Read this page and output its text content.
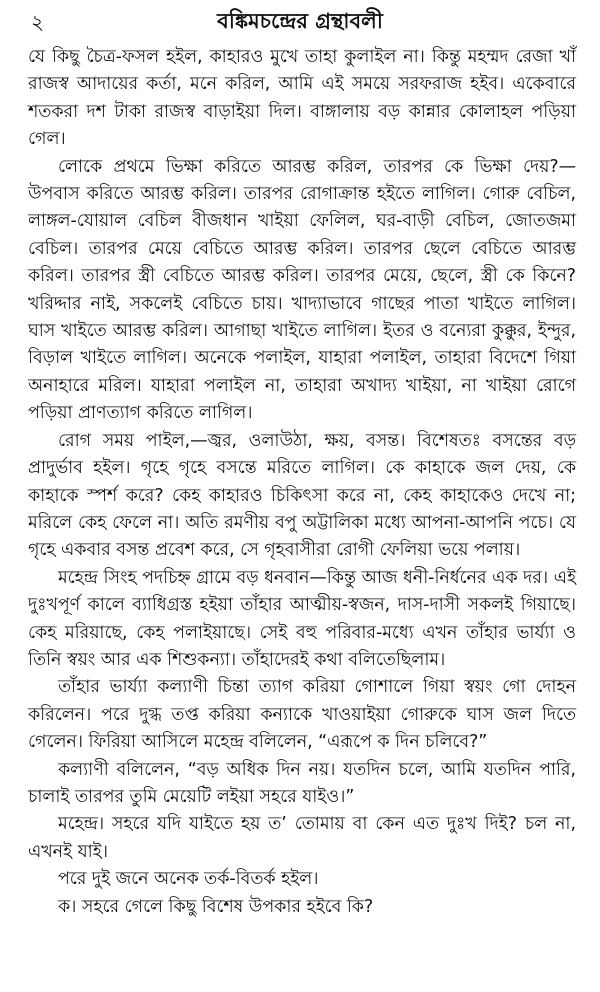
২	বঙ্কিমচন্দ্রের গ্রন্থাবলী

যে কিছু চৈত্র-ফসল হইল, কাহারও মুখে তাহা কুলাইল না। কিন্তু মহম্মদ রেজা খাঁ রাজস্ব আদায়ের কর্তা, মনে করিল, আমি এই সময়ে সরফরাজ হইব। একেবারে শতকরা দশ টাকা রাজস্ব বাড়াইয়া দিল। বাঙ্গালায় বড় কান্নার কোলাহল পড়িয়া গেল।

লোকে প্রথমে ভিক্ষা করিতে আরম্ভ করিল, তারপর কে ভিক্ষা দেয়?— উপবাস করিতে আরম্ভ করিল। তারপর রোগাক্রান্ত হইতে লাগিল। গোরু বেচিল, লাঙ্গল-যোয়াল বেচিল বীজধান খাইয়া ফেলিল, ঘর-বাড়ী বেচিল, জোতজমা বেচিল। তারপর মেয়ে বেচিতে আরম্ভ করিল। তারপর ছেলে বেচিতে আরম্ভ করিল। তারপর স্ত্রী বেচিতে আরম্ভ করিল। তারপর মেয়ে, ছেলে, স্ত্রী কে কিনে? খরিদ্দার নাই, সকলেই বেচিতে চায়। খাদ্যাভাবে গাছের পাতা খাইতে লাগিল। ঘাস খাইতে আরম্ভ করিল। আগাছা খাইতে লাগিল। ইতর ও বন্যেরা কুক্কুর, ইন্দুর, বিড়াল খাইতে লাগিল। অনেকে পলাইল, যাহারা পলাইল, তাহারা বিদেশে গিয়া অনাহারে মরিল। যাহারা পলাইল না, তাহারা অখাদ্য খাইয়া, না খাইয়া রোগে পড়িয়া প্রাণত্যাগ করিতে লাগিল।

রোগ সময় পাইল,—জ্বর, ওলাউঠা, ক্ষয়, বসন্ত। বিশেষতঃ বসন্তের বড় প্রাদুর্ভাব হইল। গৃহে গৃহে বসন্তে মরিতে লাগিল। কে কাহাকে জল দেয়, কে কাহাকে স্পর্শ করে? কেহ কাহারও চিকিৎসা করে না, কেহ কাহাকেও দেখে না; মরিলে কেহ ফেলে না। অতি রমণীয় বপু অট্টালিকা মধ্যে আপনা-আপনি পচে। যে গৃহে একবার বসন্ত প্রবেশ করে, সে গৃহবাসীরা রোগী ফেলিয়া ভয়ে পলায়।

মহেন্দ্র সিংহ পদচিহ্ন গ্রামে বড় ধনবান—কিন্তু আজ ধনী-নির্ধনের এক দর। এই দুঃখপূর্ণ কালে ব্যাধিগ্রস্ত হইয়া তাঁহার আত্মীয়-স্বজন, দাস-দাসী সকলই গিয়াছে। কেহ মরিয়াছে, কেহ পলাইয়াছে। সেই বহু পরিবার-মধ্যে এখন তাঁহার ভার্য্যা ও তিনি স্বয়ং আর এক শিশুকন্যা। তাঁহাদেরই কথা বলিতেছিলাম।

তাঁহার ভার্য্যা কল্যাণী চিন্তা ত্যাগ করিয়া গোশালে গিয়া স্বয়ং গো দোহন করিলেন। পরে দুগ্ধ তপ্ত করিয়া কন্যাকে খাওয়াইয়া গোরুকে ঘাস জল দিতে গেলেন। ফিরিয়া আসিলে মহেন্দ্র বলিলেন, “এরূপে ক দিন চলিবে?”

কল্যাণী বলিলেন, “বড় অধিক দিন নয়। যতদিন চলে, আমি যতদিন পারি, চালাই তারপর তুমি মেয়েটি লইয়া সহরে যাইও।”

মহেন্দ্র। সহরে যদি যাইতে হয় ত’ তোমায় বা কেন এত দুঃখ দিই? চল না, এখনই যাই।

পরে দুই জনে অনেক তর্ক-বিতর্ক হইল।

ক। সহরে গেলে কিছু বিশেষ উপকার হইবে কি?
